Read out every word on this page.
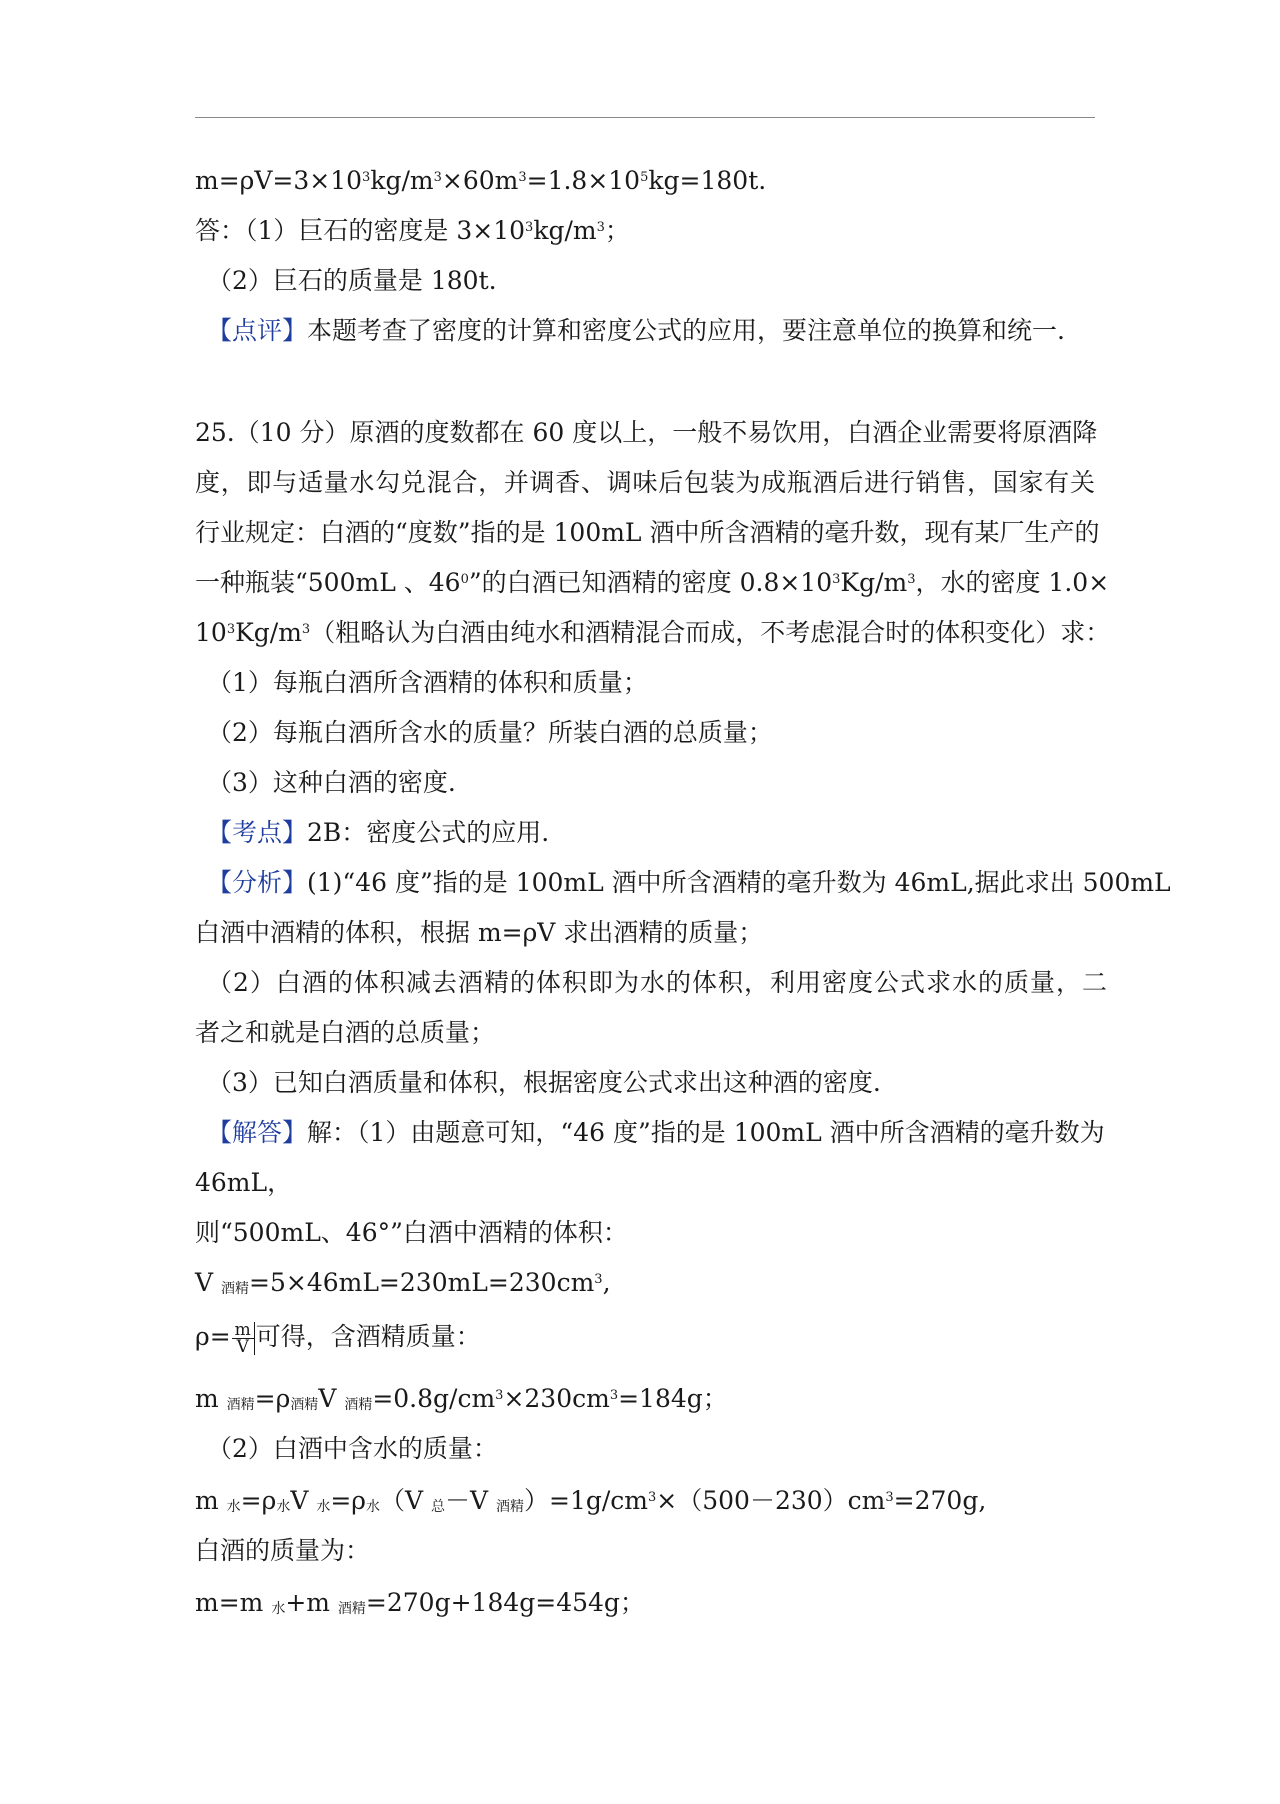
$m=\rho V=3\times 10^3kg/m^3\times 60m^3=1.8\times 10^5kg=180t$.
答：（1）巨石的密度是 $3\times 10^3kg/m^3$；
（2）巨石的质量是 180t.
【点评】本题考查了密度的计算和密度公式的应用，要注意单位的换算和统一.
25.（10 分）原酒的度数都在 60 度以上，一般不易饮用，白酒企业需要将原酒降
度，即与适量水勾兑混合，并调香、调味后包装为成瓶酒后进行销售，国家有关
行业规定：白酒的“度数”指的是 100mL 酒中所含酒精的毫升数，现有某厂生产的
一种瓶装“500mL 、$46^0$”的白酒已知酒精的密度 $0.8\times 10^3Kg/m^3$，水的密度 1.0×
$10^3Kg/m^3$（粗略认为白酒由纯水和酒精混合而成，不考虑混合时的体积变化）求：
（1）每瓶白酒所含酒精的体积和质量；
（2）每瓶白酒所含水的质量？所装白酒的总质量；
（3）这种白酒的密度.
【考点】2B：密度公式的应用.
【分析】(1)“46 度”指的是 100mL 酒中所含酒精的毫升数为 46mL,据此求出 500mL
白酒中酒精的体积，根据 m=ρV 求出酒精的质量；
（2）白酒的体积减去酒精的体积即为水的体积，利用密度公式求水的质量，二
者之和就是白酒的总质量；
（3）已知白酒质量和体积，根据密度公式求出这种酒的密度.
【解答】解：（1）由题意可知，“46 度”指的是 100mL 酒中所含酒精的毫升数为
46mL，
则“500mL、46°”白酒中酒精的体积：
V $_{酒精}=5\times 46mL=230mL=230cm^3$,
$\rho= \frac{m}{V}$ 可得，含酒精质量：
m $_{酒精}=\rho_{酒精}V$ $_{酒精}=0.8g/cm^3\times 230cm^3=184g$；
（2）白酒中含水的质量：
m $_水=\rho_水V$ $_水=\rho_水(V$ $_总$－V $_{酒精})=1g/cm^3\times(500-230)cm^3=270g$,
白酒的质量为：
m=m $_水$+m $_{酒精}$=270g+184g=454g；
